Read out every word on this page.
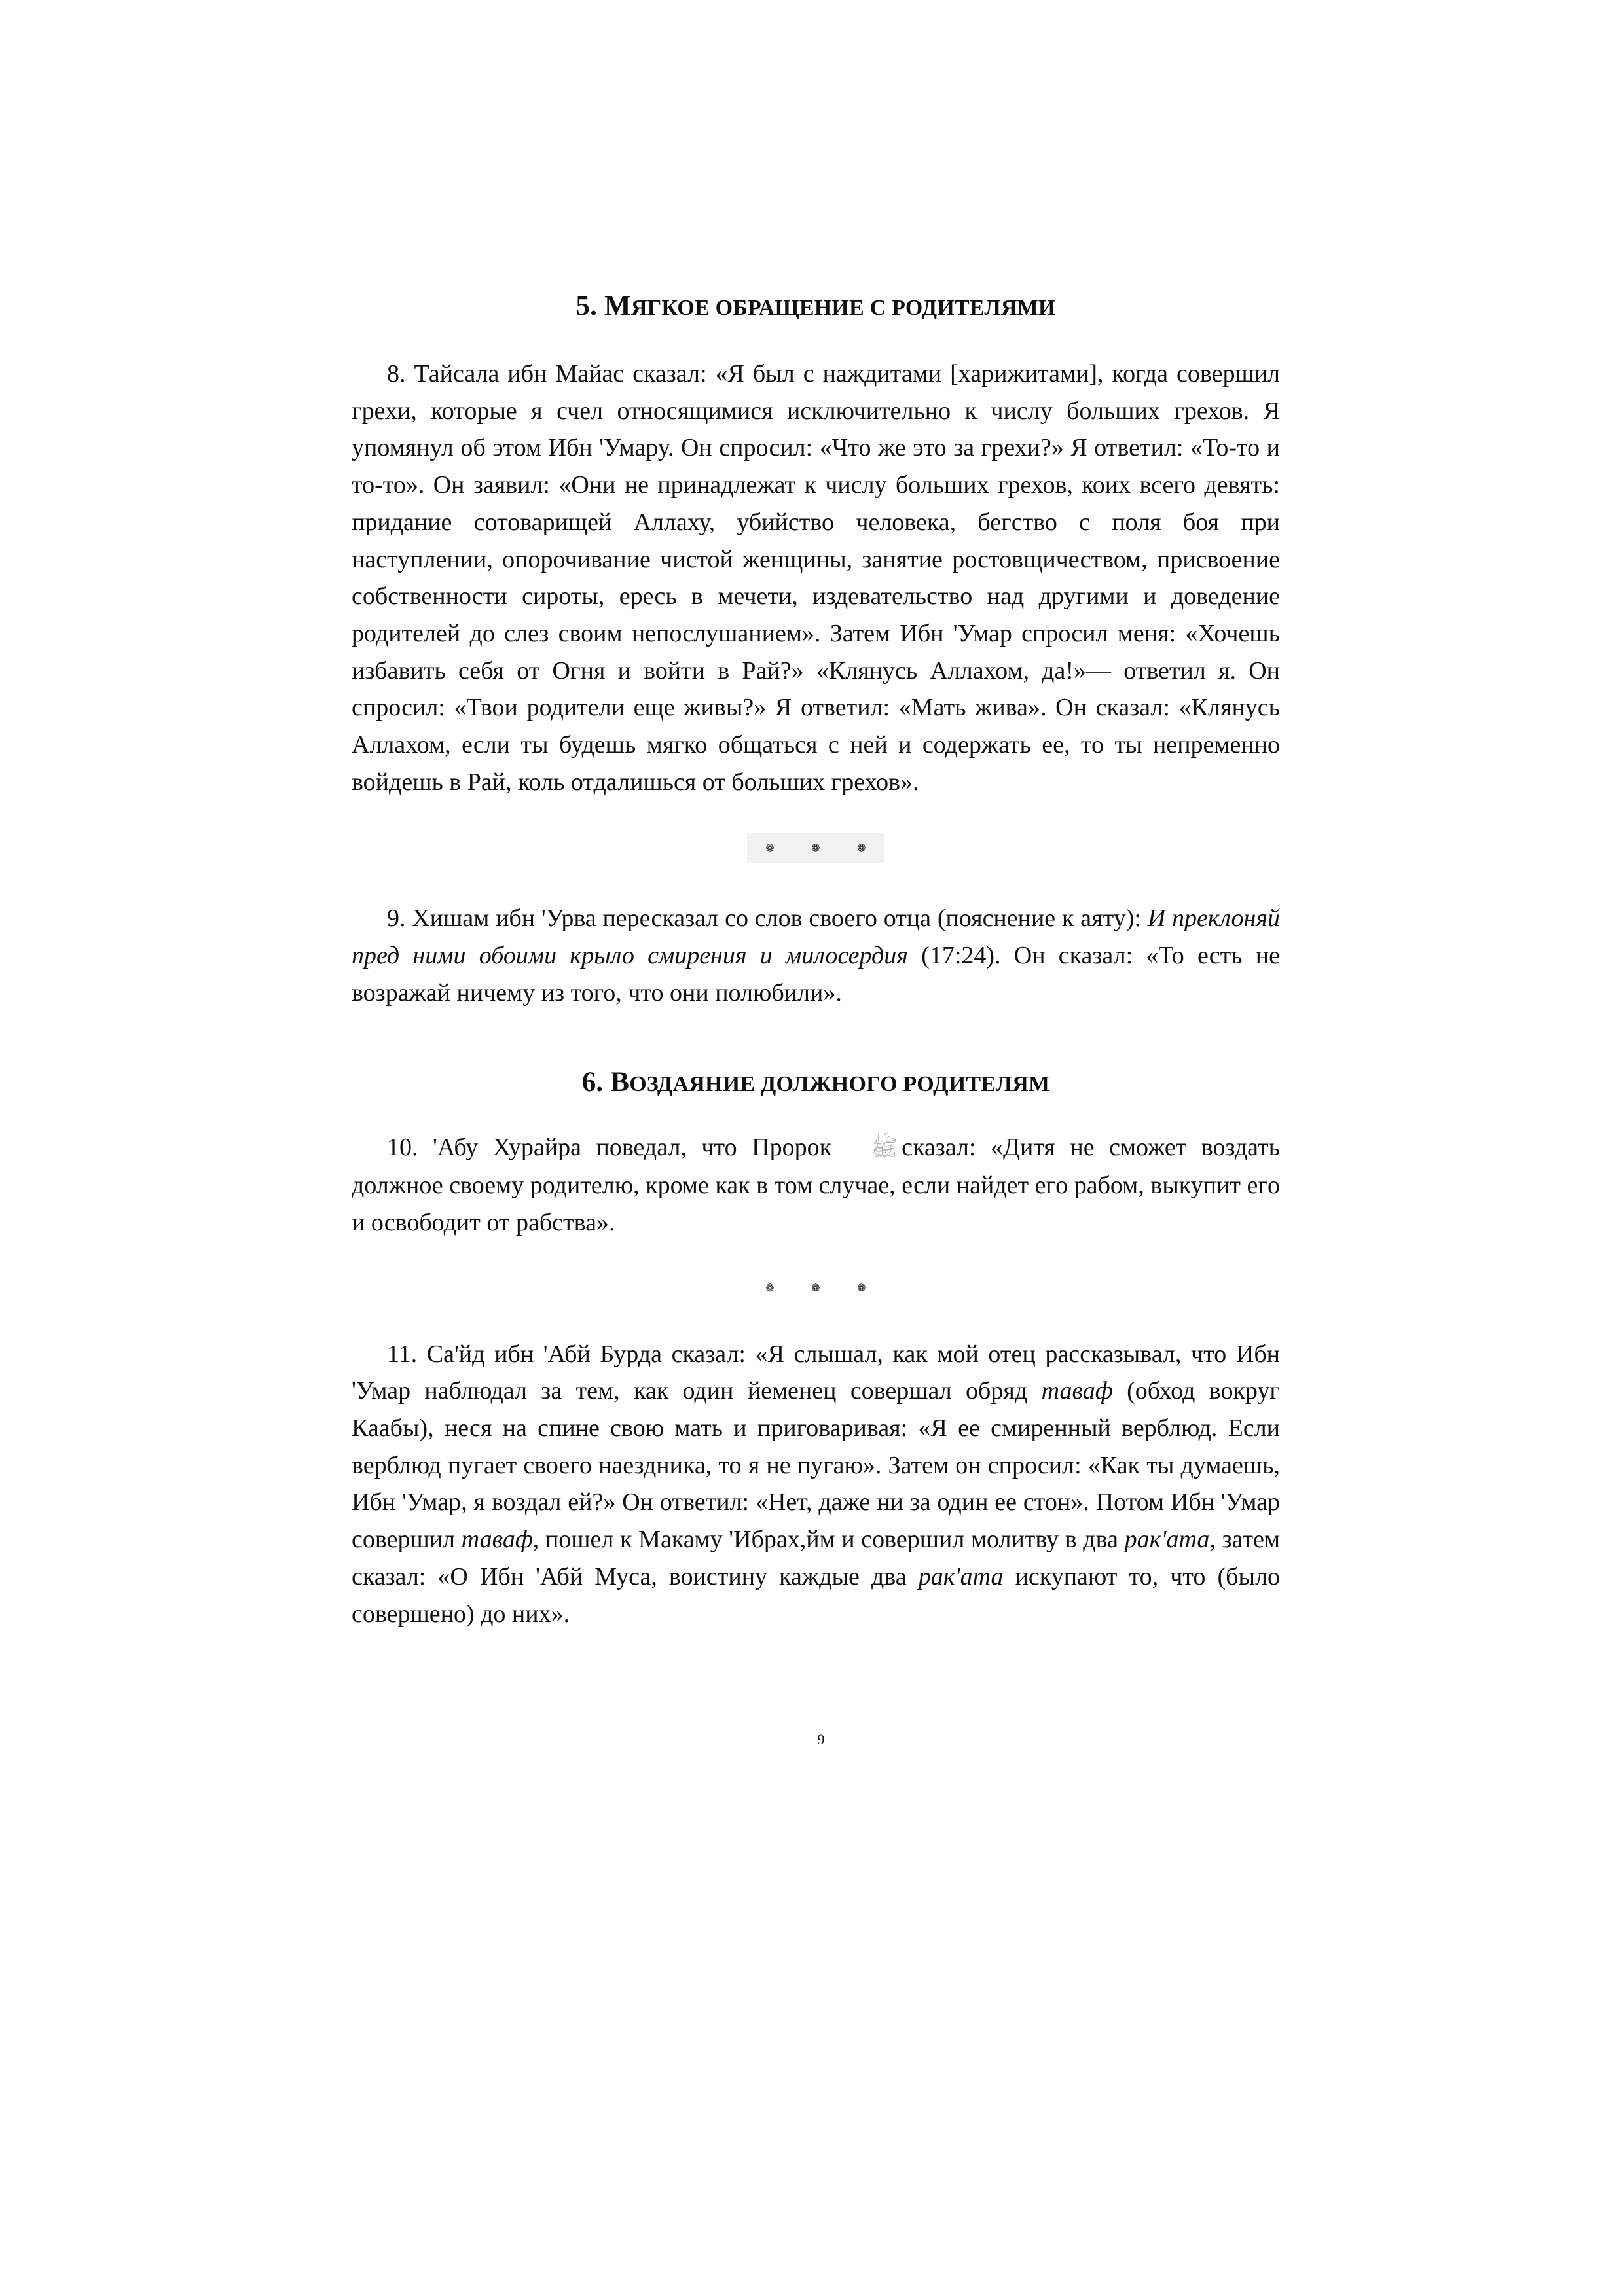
5. МЯГКОЕ ОБРАЩЕНИЕ С РОДИТЕЛЯМИ

8. Тайсала ибн Майас сказал: «Я был с наждитами [харижитами], когда совершил грехи, которые я счел относящимися исключительно к числу больших грехов. Я упомянул об этом Ибн 'Умару. Он спросил: «Что же это за грехи?» Я ответил: «То-то и то-то». Он заявил: «Они не принадлежат к числу больших грехов, коих всего девять: придание сотоварищей Аллаху, убийство человека, бегство с поля боя при наступлении, опорочивание чистой женщины, занятие ростовщичеством, присвоение собственности сироты, ересь в мечети, издевательство над другими и доведение родителей до слез своим непослушанием». Затем Ибн 'Умар спросил меня: «Хочешь избавить себя от Огня и войти в Рай?» «Клянусь Аллахом, да!»— ответил я. Он спросил: «Твои родители еще живы?» Я ответил: «Мать жива». Он сказал: «Клянусь Аллахом, если ты будешь мягко общаться с ней и содержать ее, то ты непременно войдешь в Рай, коль отдалишься от больших грехов».

❁	❁	❁

9. Хишам ибн 'Урва пересказал со слов своего отца (пояснение к аяту): И преклоняй пред ними обоими крыло смирения и милосердия (17:24). Он сказал: «То есть не возражай ничему из того, что они полюбили».

6. ВОЗДАЯНИЕ ДОЛЖНОГО РОДИТЕЛЯМ

10. 'Абу Хурайра поведал, что Пророк ﷺ сказал: «Дитя не сможет воздать должное своему родителю, кроме как в том случае, если найдет его рабом, выкупит его и освободит от рабства».

❁	❁	❁

11. Са'йд ибн 'Абй Бурда сказал: «Я слышал, как мой отец рассказывал, что Ибн 'Умар наблюдал за тем, как один йеменец совершал обряд таваф (обход вокруг Каабы), неся на спине свою мать и приговаривая: «Я ее смиренный верблюд. Если верблюд пугает своего наездника, то я не пугаю». Затем он спросил: «Как ты думаешь, Ибн 'Умар, я воздал ей?» Он ответил: «Нет, даже ни за один ее стон». Потом Ибн 'Умар совершил таваф, пошел к Макаму 'Ибрах,йм и совершил молитву в два рак'ата, затем сказал: «О Ибн 'Абй Муса, воистину каждые два рак'ата искупают то, что (было совершено) до них».

9
